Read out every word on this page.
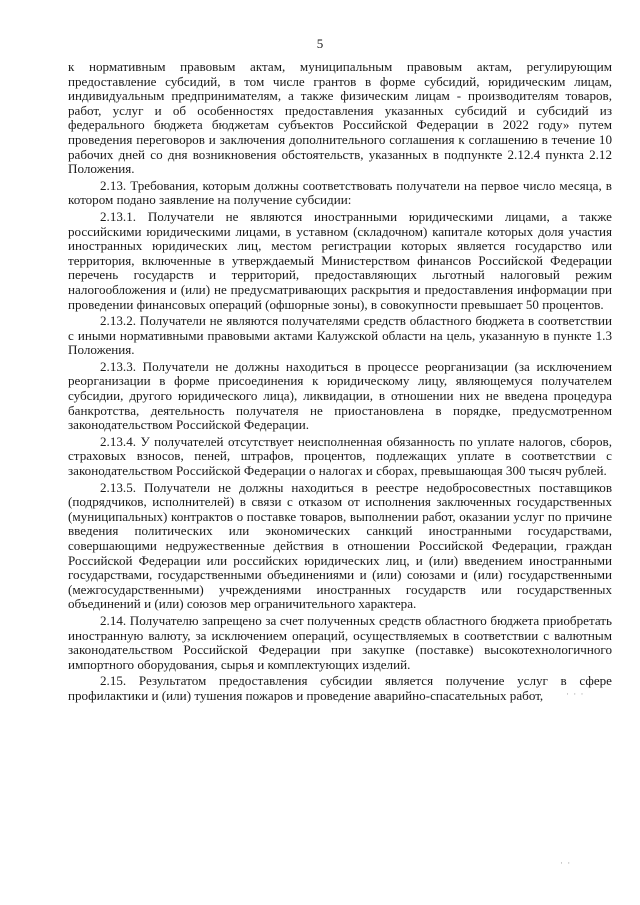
5

к нормативным правовым актам, муниципальным правовым актам, регулирующим предоставление субсидий, в том числе грантов в форме субсидий, юридическим лицам, индивидуальным предпринимателям, а также физическим лицам - производителям товаров, работ, услуг и об особенностях предоставления указанных субсидий и субсидий из федерального бюджета бюджетам субъектов Российской Федерации в 2022 году» путем проведения переговоров и заключения дополнительного соглашения к соглашению в течение 10 рабочих дней со дня возникновения обстоятельств, указанных в подпункте 2.12.4 пункта 2.12 Положения.

2.13. Требования, которым должны соответствовать получатели на первое число месяца, в котором подано заявление на получение субсидии:

2.13.1. Получатели не являются иностранными юридическими лицами, а также российскими юридическими лицами, в уставном (складочном) капитале которых доля участия иностранных юридических лиц, местом регистрации которых является государство или территория, включенные в утверждаемый Министерством финансов Российской Федерации перечень государств и территорий, предоставляющих льготный налоговый режим налогообложения и (или) не предусматривающих раскрытия и предоставления информации при проведении финансовых операций (офшорные зоны), в совокупности превышает 50 процентов.

2.13.2. Получатели не являются получателями средств областного бюджета в соответствии с иными нормативными правовыми актами Калужской области на цель, указанную в пункте 1.3 Положения.

2.13.3. Получатели не должны находиться в процессе реорганизации (за исключением реорганизации в форме присоединения к юридическому лицу, являющемуся получателем субсидии, другого юридического лица), ликвидации, в отношении них не введена процедура банкротства, деятельность получателя не приостановлена в порядке, предусмотренном законодательством Российской Федерации.

2.13.4. У получателей отсутствует неисполненная обязанность по уплате налогов, сборов, страховых взносов, пеней, штрафов, процентов, подлежащих уплате в соответствии с законодательством Российской Федерации о налогах и сборах, превышающая 300 тысяч рублей.

2.13.5. Получатели не должны находиться в реестре недобросовестных поставщиков (подрядчиков, исполнителей) в связи с отказом от исполнения заключенных государственных (муниципальных) контрактов о поставке товаров, выполнении работ, оказании услуг по причине введения политических или экономических санкций иностранными государствами, совершающими недружественные действия в отношении Российской Федерации, граждан Российской Федерации или российских юридических лиц, и (или) введением иностранными государствами, государственными объединениями и (или) союзами и (или) государственными (межгосударственными) учреждениями иностранных государств или государственных объединений и (или) союзов мер ограничительного характера.

2.14. Получателю запрещено за счет полученных средств областного бюджета приобретать иностранную валюту, за исключением операций, осуществляемых в соответствии с валютным законодательством Российской Федерации при закупке (поставке) высокотехнологичного импортного оборудования, сырья и комплектующих изделий.

2.15. Результатом предоставления субсидии является получение услуг в сфере профилактики и (или) тушения пожаров и проведение аварийно-спасательных работ,	· · ·
· ·
